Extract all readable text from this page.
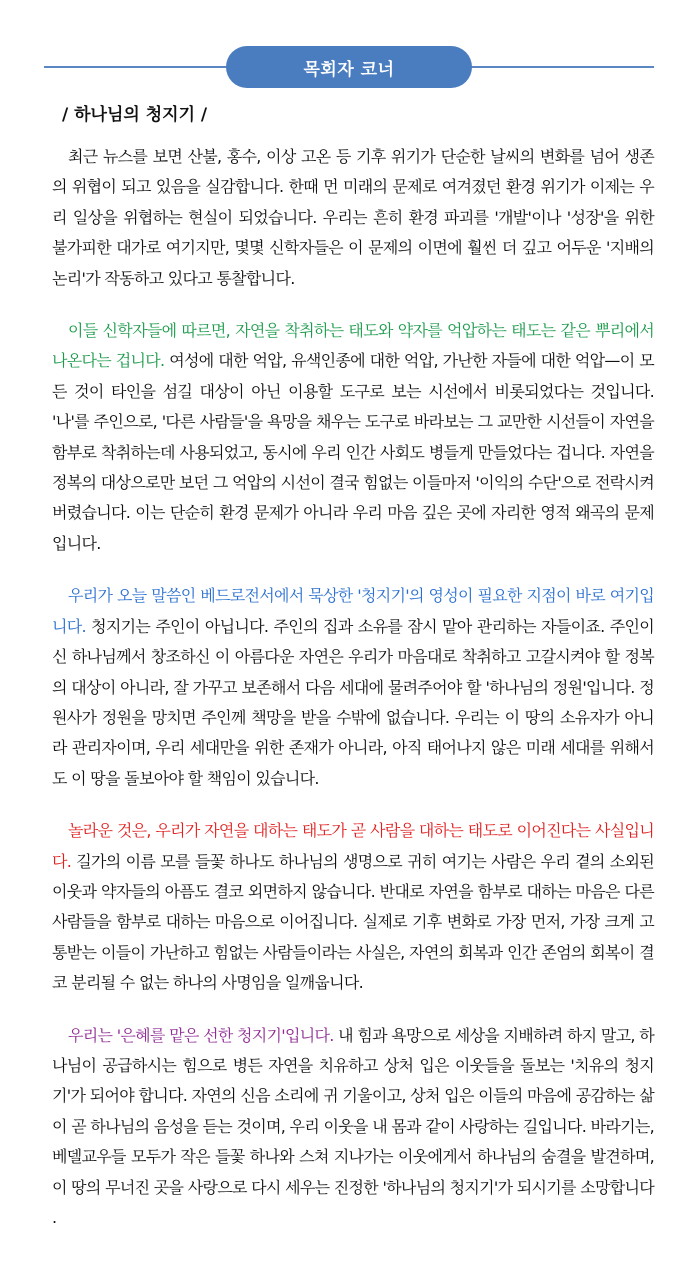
목회자 코너
/ 하나님의 청지기 /

최근 뉴스를 보면 산불, 홍수, 이상 고온 등 기후 위기가 단순한 날씨의 변화를 넘어 생존의 위협이 되고 있음을 실감합니다. 한때 먼 미래의 문제로 여겨졌던 환경 위기가 이제는 우리 일상을 위협하는 현실이 되었습니다. 우리는 흔히 환경 파괴를 '개발'이나 '성장'을 위한 불가피한 대가로 여기지만, 몇몇 신학자들은 이 문제의 이면에 훨씬 더 깊고 어두운 '지배의 논리'가 작동하고 있다고 통찰합니다.

이들 신학자들에 따르면, 자연을 착취하는 태도와 약자를 억압하는 태도는 같은 뿌리에서 나온다는 겁니다. 여성에 대한 억압, 유색인종에 대한 억압, 가난한 자들에 대한 억압—이 모든 것이 타인을 섬길 대상이 아닌 이용할 도구로 보는 시선에서 비롯되었다는 것입니다. '나'를 주인으로, '다른 사람들'을 욕망을 채우는 도구로 바라보는 그 교만한 시선들이 자연을 함부로 착취하는데 사용되었고, 동시에 우리 인간 사회도 병들게 만들었다는 겁니다. 자연을 정복의 대상으로만 보던 그 억압의 시선이 결국 힘없는 이들마저 '이익의 수단'으로 전락시켜 버렸습니다. 이는 단순히 환경 문제가 아니라 우리 마음 깊은 곳에 자리한 영적 왜곡의 문제입니다.

우리가 오늘 말씀인 베드로전서에서 묵상한 '청지기'의 영성이 필요한 지점이 바로 여기입니다. 청지기는 주인이 아닙니다. 주인의 집과 소유를 잠시 맡아 관리하는 자들이죠. 주인이신 하나님께서 창조하신 이 아름다운 자연은 우리가 마음대로 착취하고 고갈시켜야 할 정복의 대상이 아니라, 잘 가꾸고 보존해서 다음 세대에 물려주어야 할 '하나님의 정원'입니다. 정원사가 정원을 망치면 주인께 책망을 받을 수밖에 없습니다. 우리는 이 땅의 소유자가 아니라 관리자이며, 우리 세대만을 위한 존재가 아니라, 아직 태어나지 않은 미래 세대를 위해서도 이 땅을 돌보아야 할 책임이 있습니다.

놀라운 것은, 우리가 자연을 대하는 태도가 곧 사람을 대하는 태도로 이어진다는 사실입니다. 길가의 이름 모를 들꽃 하나도 하나님의 생명으로 귀히 여기는 사람은 우리 곁의 소외된 이웃과 약자들의 아픔도 결코 외면하지 않습니다. 반대로 자연을 함부로 대하는 마음은 다른 사람들을 함부로 대하는 마음으로 이어집니다. 실제로 기후 변화로 가장 먼저, 가장 크게 고통받는 이들이 가난하고 힘없는 사람들이라는 사실은, 자연의 회복과 인간 존엄의 회복이 결코 분리될 수 없는 하나의 사명임을 일깨웁니다.

우리는 '은혜를 맡은 선한 청지기'입니다. 내 힘과 욕망으로 세상을 지배하려 하지 말고, 하나님이 공급하시는 힘으로 병든 자연을 치유하고 상처 입은 이웃들을 돌보는 '치유의 청지기'가 되어야 합니다. 자연의 신음 소리에 귀 기울이고, 상처 입은 이들의 마음에 공감하는 삶이 곧 하나님의 음성을 듣는 것이며, 우리 이웃을 내 몸과 같이 사랑하는 길입니다. 바라기는, 베델교우들 모두가 작은 들꽃 하나와 스쳐 지나가는 이웃에게서 하나님의 숨결을 발견하며, 이 땅의 무너진 곳을 사랑으로 다시 세우는 진정한 '하나님의 청지기'가 되시기를 소망합니다 .
